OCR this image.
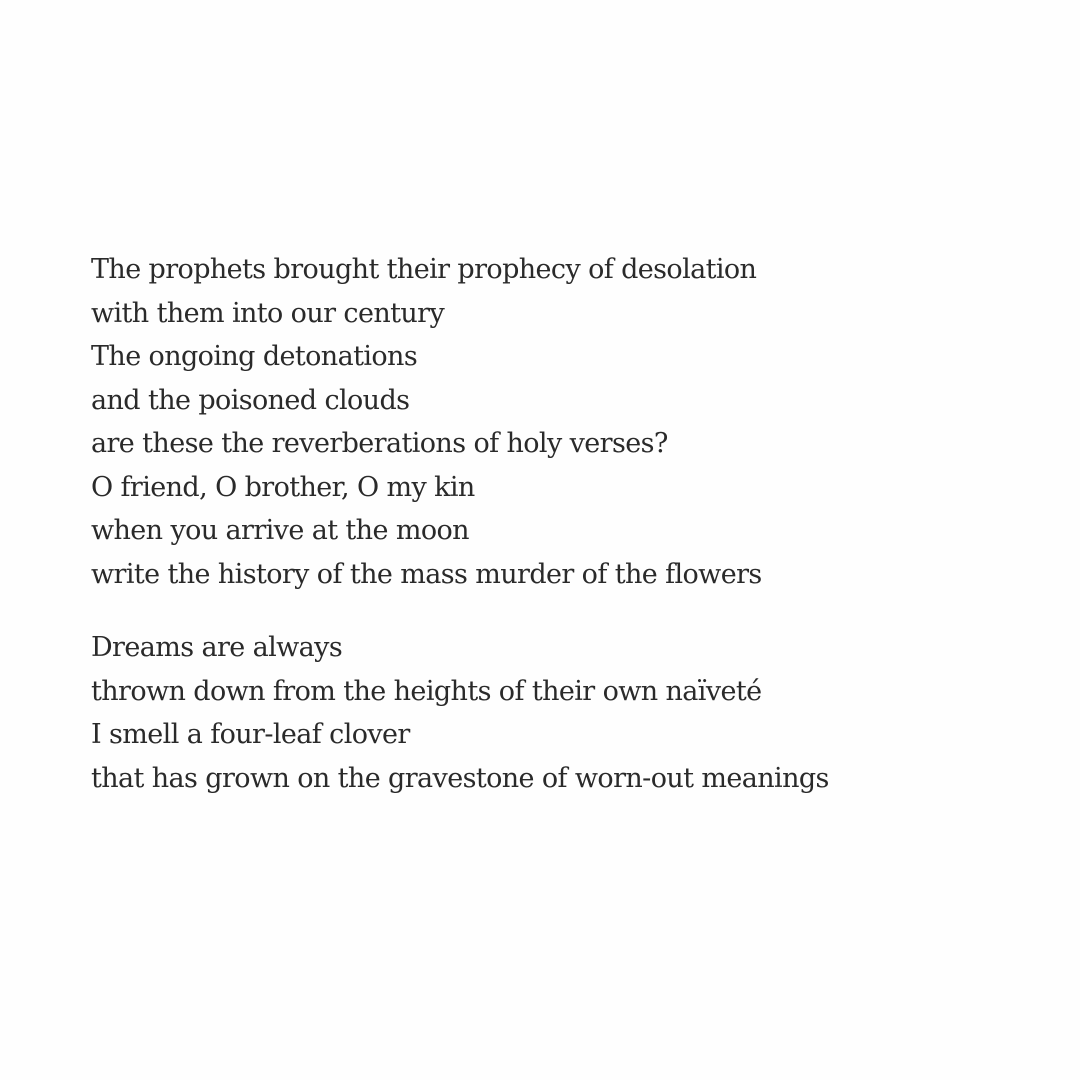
The prophets brought their prophecy of desolation
with them into our century
The ongoing detonations
and the poisoned clouds
are these the reverberations of holy verses?
O friend, O brother, O my kin
when you arrive at the moon
write the history of the mass murder of the flowers
Dreams are always
thrown down from the heights of their own naïveté
I smell a four-leaf clover
that has grown on the gravestone of worn-out meanings
